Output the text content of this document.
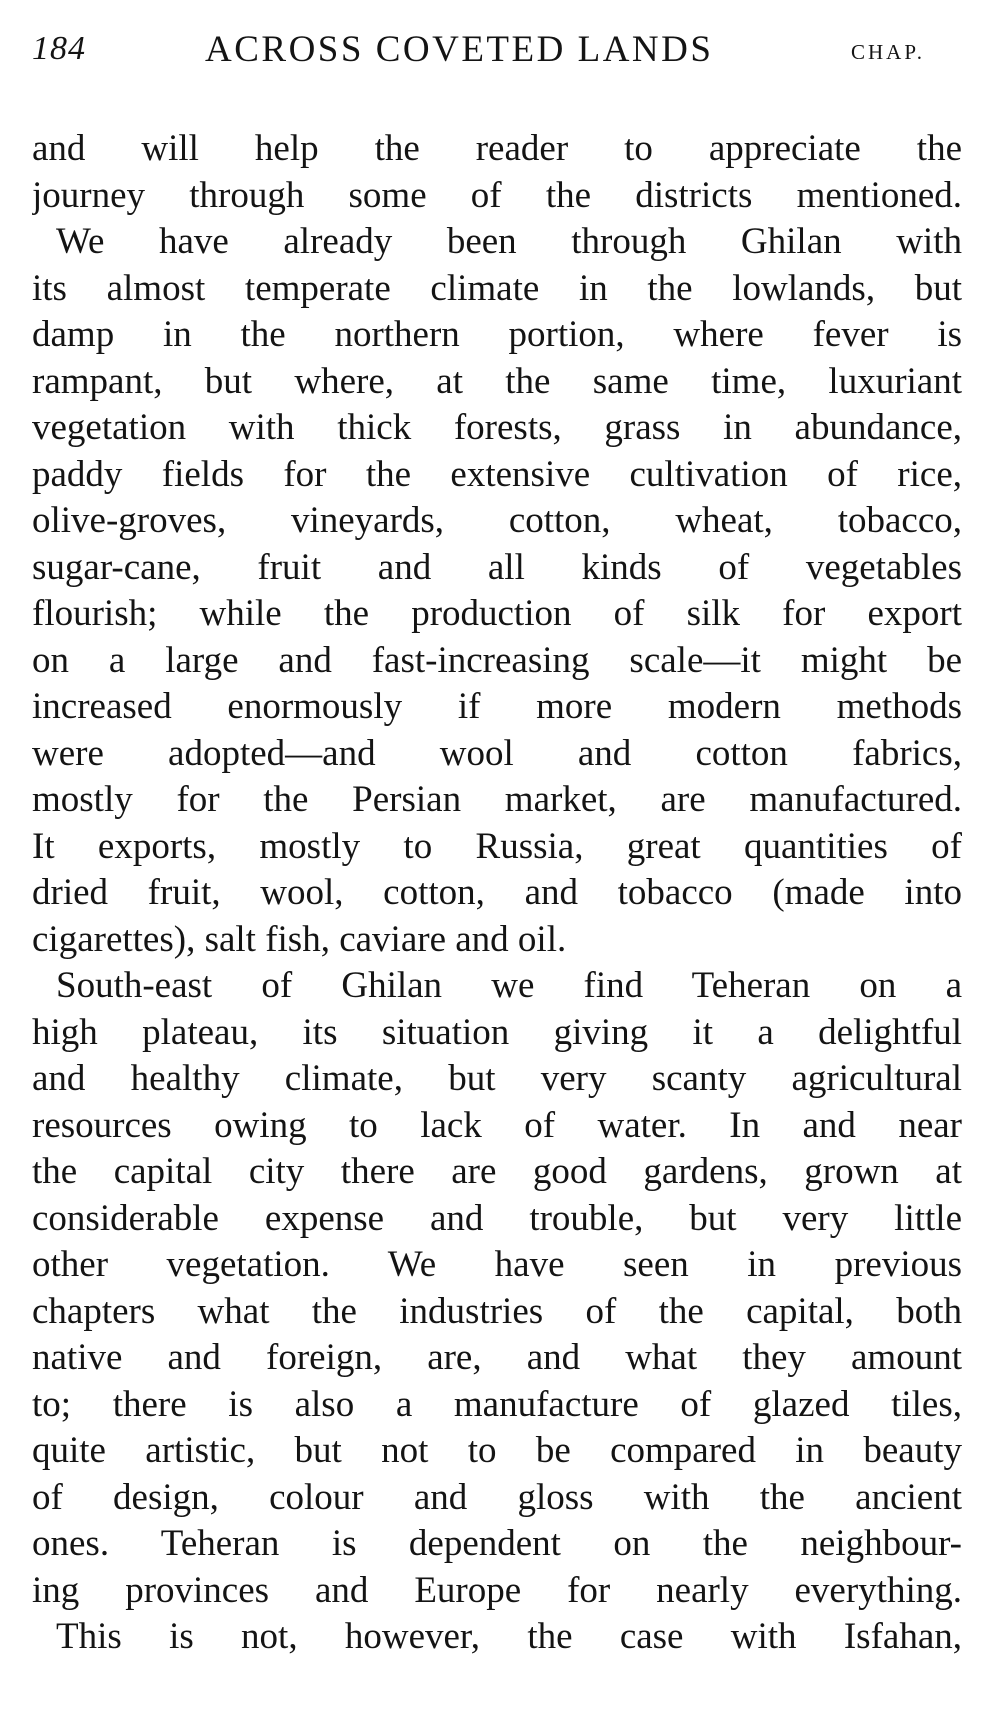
184	ACROSS COVETED LANDS	CHAP.
and will help the reader to appreciate the
journey through some of the districts mentioned.
We have already been through Ghilan with
its almost temperate climate in the lowlands, but
damp in the northern portion, where fever is
rampant, but where, at the same time, luxuriant
vegetation with thick forests, grass in abundance,
paddy fields for the extensive cultivation of rice,
olive-groves, vineyards, cotton, wheat, tobacco,
sugar-cane, fruit and all kinds of vegetables
flourish; while the production of silk for export
on a large and fast-increasing scale—it might be
increased enormously if more modern methods
were adopted—and wool and cotton fabrics,
mostly for the Persian market, are manufactured.
It exports, mostly to Russia, great quantities of
dried fruit, wool, cotton, and tobacco (made into
cigarettes), salt fish, caviare and oil.
South-east of Ghilan we find Teheran on a
high plateau, its situation giving it a delightful
and healthy climate, but very scanty agricultural
resources owing to lack of water. In and near
the capital city there are good gardens, grown at
considerable expense and trouble, but very little
other vegetation. We have seen in previous
chapters what the industries of the capital, both
native and foreign, are, and what they amount
to; there is also a manufacture of glazed tiles,
quite artistic, but not to be compared in beauty
of design, colour and gloss with the ancient
ones. Teheran is dependent on the neighbour-
ing provinces and Europe for nearly everything.
This is not, however, the case with Isfahan,
